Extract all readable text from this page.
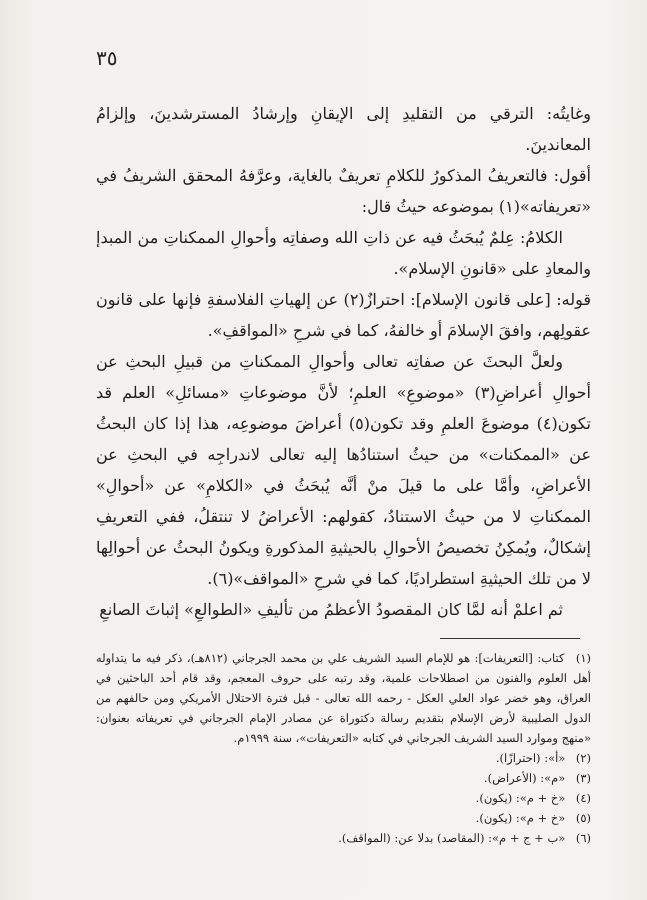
٣٥

وغايتُه: الترقي من التقليدِ إلى الإيقانِ وإرشادُ المسترشدينَ، وإلزامُ المعاندينَ.

أقول: فالتعريفُ المذكورُ للكلامِ تعريفٌ بالغاية، وعرَّفهُ المحقق الشريفُ في «تعريفاته»(١) بموضوعه حيثُ قال:

الكلامُ: عِلمٌ يُبحَثُ فيه عن ذاتِ الله وصفاتِه وأحوالِ الممكناتِ من المبدإ والمعادِ على «قانونِ الإسلام».

قوله: [على قانون الإسلام]: احترازٌ(٢) عن إلهياتِ الفلاسفةِ فإنها على قانون عقولِهم، وافقَ الإسلامَ أو خالفهُ، كما في شرحِ «المواقفِ».

ولعلَّ البحثَ عن صفاتِه تعالى وأحوالِ الممكناتِ من قبيلِ البحثِ عن أحوالِ أعراضِ(٣) «موضوعِ» العلمِ؛ لأنَّ موضوعاتِ «مسائلِ» العلم قد تكون(٤) موضوعَ العلمِ وقد تكون(٥) أعراضَ موضوعِه، هذا إذا كان البحثُ عن «الممكنات» من حيثُ استنادُها إليه تعالى لاندراجِه في البحثِ عن الأعراضِ، وأمَّا على ما قيلَ منْ أنَّه يُبحَثُ في «الكلامِ» عن «أحوالِ» الممكناتِ لا من حيثُ الاستنادُ، كقولهم: الأعراضُ لا تنتقلُ، ففي التعريفِ إشكالٌ، ويُمكِنُ تخصيصُ الأحوالِ بالحيثيةِ المذكورةِ ويكونُ البحثُ عن أحوالِها لا من تلك الحيثيةِ استطراديًا، كما في شرحِ «المواقف»(٦).

ثم اعلمْ أنه لمَّا كان المقصودُ الأعظمُ من تأليفِ «الطوالعِ» إثباتَ الصانعِ

(١) كتاب: [التعريفات]: هو للإمام السيد الشريف علي بن محمد الجرجاني (٨١٢هـ)، ذكر فيه ما يتداوله أهل العلوم والفنون من اصطلاحات علمية، وقد رتبه على حروف المعجم، وقد قام أحد الباحثين في العراق، وهو خضر عواد العلي العكل - رحمه الله تعالى - قبل فترة الاحتلال الأمريكي ومن حالفهم من الدول الصليبية لأرض الإسلام بتقديم رسالة دكتوراة عن مصادر الإمام الجرجاني في تعريفاته بعنوان: «منهج وموارد السيد الشريف الجرجاني في كتابه «التعريفات»، سنة ١٩٩٩م.
(٢) «أ»: (احترازًا).
(٣) «م»: (الأعراض).
(٤) «خ + م»: (يكون).
(٥) «خ + م»: (يكون).
(٦) «ب + ج + م»: (المقاصد) بدلا عن: (المواقف).
